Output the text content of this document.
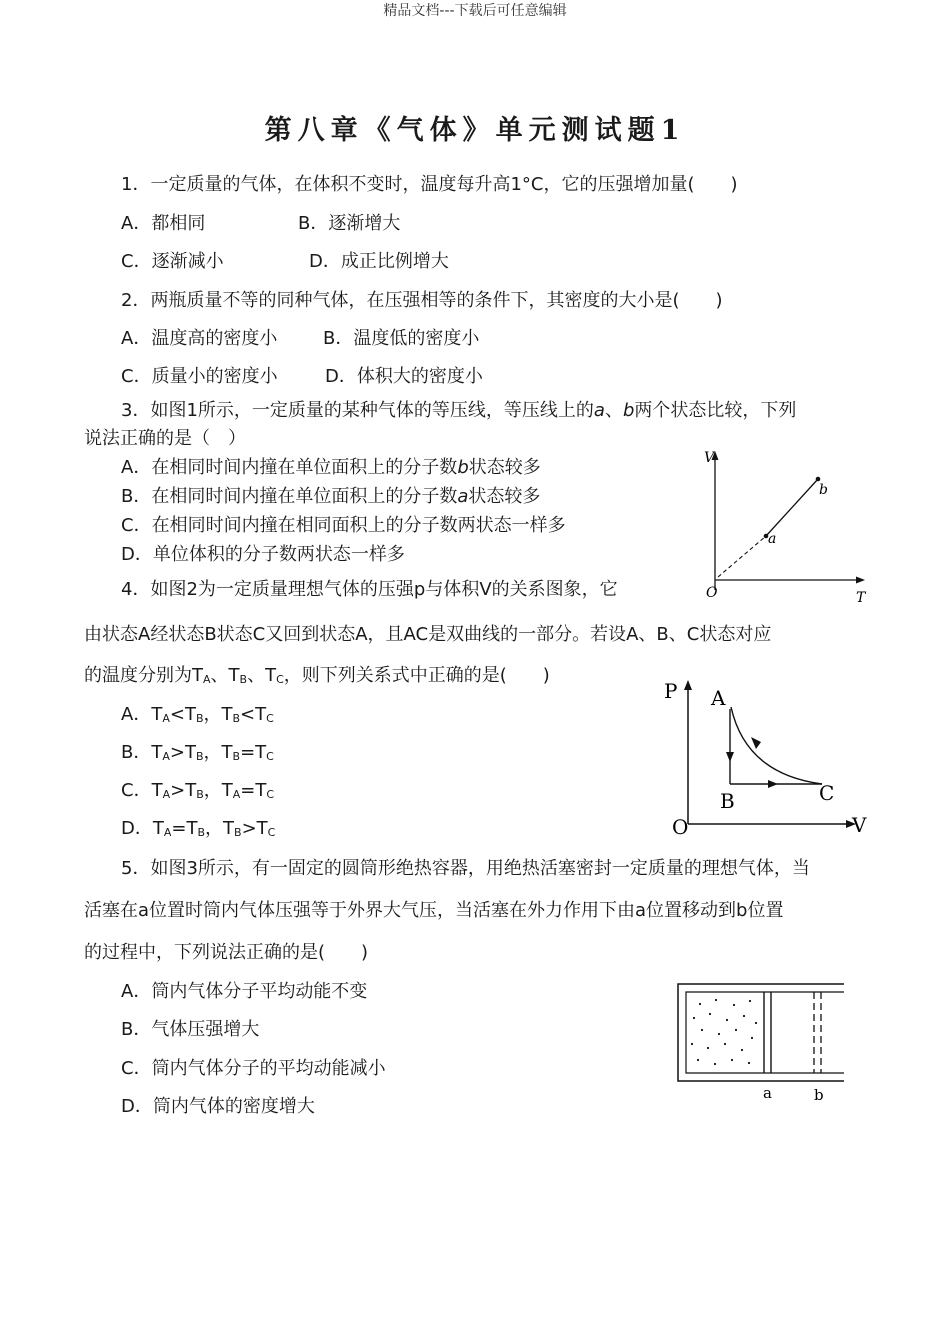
精品文档---下载后可任意编辑
第八章《气体》单元测试题1
1．一定质量的气体，在体积不变时，温度每升高1°C，它的压强增加量(　　)
A．都相同	B．逐渐增大
C．逐渐减小	D．成正比例增大
2．两瓶质量不等的同种气体，在压强相等的条件下，其密度的大小是(　　)
A．温度高的密度小	B．温度低的密度小
C．质量小的密度小	D．体积大的密度小
3．如图1所示，一定质量的某种气体的等压线，等压线上的a、b两个状态比较，下列
说法正确的是（　）
A．在相同时间内撞在单位面积上的分子数b状态较多
B．在相同时间内撞在单位面积上的分子数a状态较多
C．在相同时间内撞在相同面积上的分子数两状态一样多
D．单位体积的分子数两状态一样多
V
T
O
a
b
4．如图2为一定质量理想气体的压强p与体积V的关系图象，它
由状态A经状态B状态C又回到状态A，且AC是双曲线的一部分。若设A、B、C状态对应
的温度分别为$T_A$、$T_B$、$T_C$，则下列关系式中正确的是(　　)
A．$T_A<T_B$，$T_B<T_C$
B．$T_A>T_B$，$T_B=T_C$
C．$T_A>T_B$，$T_A=T_C$
D．$T_A=T_B$，$T_B>T_C$
P
V
O
A
B	C
5．如图3所示，有一固定的圆筒形绝热容器，用绝热活塞密封一定质量的理想气体，当
活塞在a位置时筒内气体压强等于外界大气压，当活塞在外力作用下由a位置移动到b位置
的过程中，下列说法正确的是(　　)
A．筒内气体分子平均动能不变
B．气体压强增大
C．筒内气体分子的平均动能减小
D．筒内气体的密度增大
a	b
